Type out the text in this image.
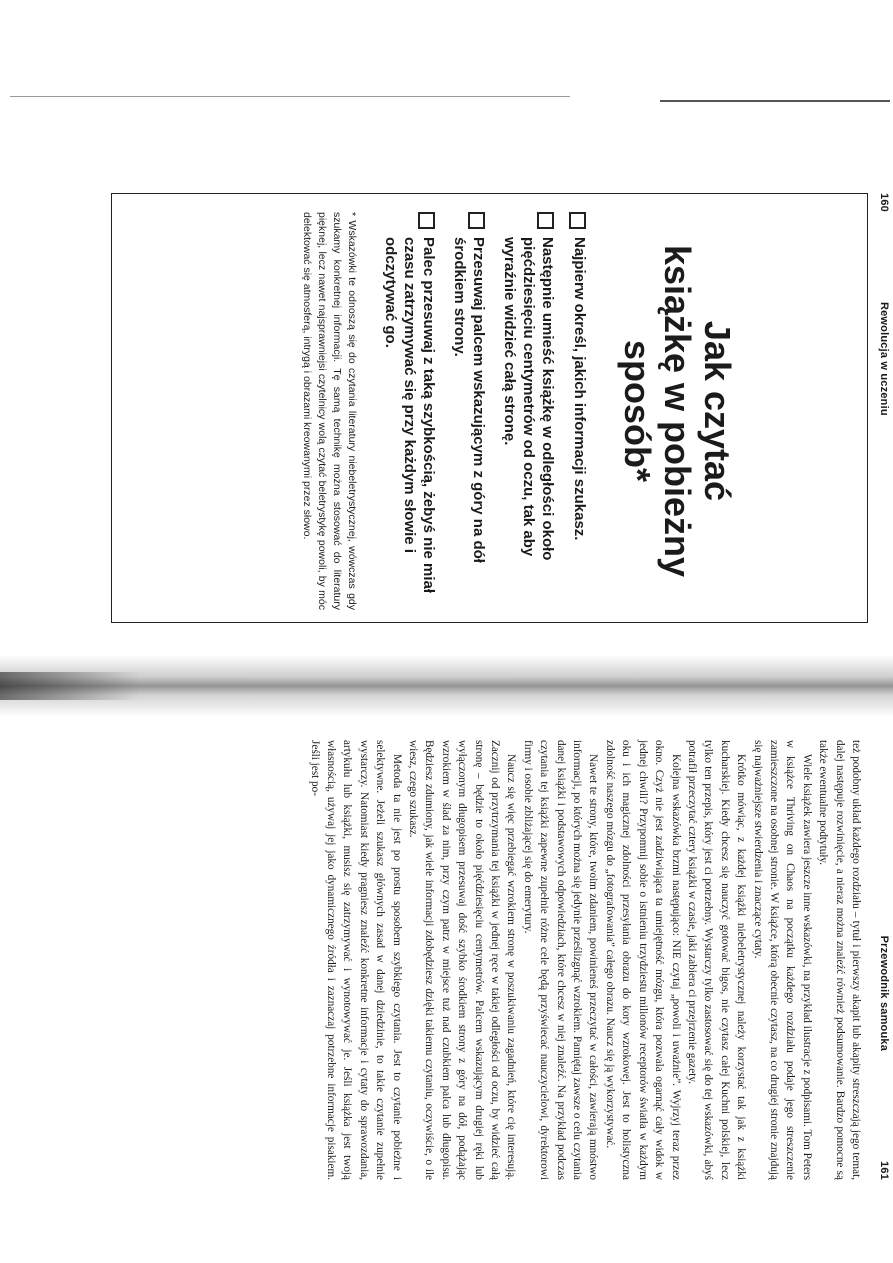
160
Rewolucja w uczeniu
Jak czytać
książkę w pobieżny
sposób*
Najpierw określ, jakich informacji szukasz.
Następnie umieść książkę w odległości około pięćdziesięciu centymetrów od oczu, tak aby wyraźnie widzieć całą stronę.
Przesuwaj palcem wskazującym z góry na dół środkiem strony.
Palec przesuwaj z taką szybkością, żebyś nie miał czasu zatrzymywać się przy każdym słowie i odczytywać go.
* Wskazówki te odnoszą się do czytania literatury niebeletrystycznej, wówczas gdy szukamy konkretnej informacji. Tę samą technikę można stosować do literatury pięknej, lecz nawet najsprawniejsi czytelnicy wolą czytać beletrystykę powoli, by móc delektować się atmosferą, intrygą i obrazami kreowanymi przez słowo.
Przewodnik samouka
161

też podobny układ każdego rozdziału – tytuł i pierwszy akapit lub akapity streszczają jego temat, dalej następuje rozwinięcie, a nieraz można znaleźć również podsumowanie. Bardzo pomocne są także ewentualne podtytuły.

Wiele książek zawiera jeszcze inne wskazówki, na przykład ilustracje z podpisami. Tom Peters w książce Thriving on Chaos na początku każdego rozdziału podaje jego streszczenie zamieszczone na osobnej stronie. W książce, którą obecnie czytasz, na co drugiej stronie znajdują się najważniejsze stwierdzenia i znaczące cytaty.

Krótko mówiąc, z każdej książki niebeletrystycznej należy korzystać tak jak z książki kucharskiej. Kiedy chcesz się nauczyć gotować bigos, nie czytasz całej Kuchni polskiej, lecz tylko ten przepis, który jest ci potrzebny. Wystarczy tylko zastosować się do tej wskazówki, abyś potrafił przeczytać cztery książki w czasie, jaki zabiera ci przejrzenie gazety.

Kolejna wskazówka brzmi następująco: NIE czytaj „powoli i uważnie”. Wyjrzyj teraz przez okno. Czyż nie jest zadziwiająca ta umiejętność mózgu, która pozwala ogarnąć cały widok w jednej chwili? Przypomnij sobie o istnieniu trzydziestu milionów receptorów światła w każdym oku i ich magicznej zdolności przesyłania obrazu do kory wzrokowej. Jest to holistyczna zdolność naszego mózgu do „fotografowania” całego obrazu. Naucz się ją wykorzystywać.

Nawet te strony, które, twoim zdaniem, powinieneś przeczytać w całości, zawierają mnóstwo informacji, po których można się jedynie prześlizgnąć wzrokiem. Pamiętaj zawsze o celu czytania danej książki i podstawowych odpowiedziach, które chcesz w niej znaleźć. Na przykład podczas czytania tej książki zapewne zupełnie różne cele będą przyświecać nauczycielowi, dyrektorowi firmy i osobie zbliżającej się do emerytury.

Naucz się więc przebiegać wzrokiem stronę w poszukiwaniu zagadnień, które cię interesują. Zacznij od przytrzymania tej książki w jednej ręce w takiej odległości od oczu, by widzieć całą stronę – będzie to około pięćdziesięciu centymetrów. Palcem wskazującym drugiej ręki lub wyłączonym długopisem przesuwaj dość szybko środkiem strony z góry na dół, podążając wzrokiem w ślad za nim, przy czym patrz w miejsce tuż nad czubkiem palca lub długopisu. Będziesz zdumiony, jak wiele informacji zdobędziesz dzięki takiemu czytaniu, oczywiście, o ile wiesz, czego szukasz.

Metoda ta nie jest po prostu sposobem szybkiego czytania. Jest to czytanie pobieżne i selektywne. Jeżeli szukasz głównych zasad w danej dziedzinie, to takie czytanie zupełnie wystarczy. Natomiast kiedy pragniesz znaleźć konkretne informacje i cytaty do sprawozdania, artykułu lub książki, musisz się zatrzymywać i wynotowywać je. Jeśli książka jest twoją własnością, używaj jej jako dynamicznego źródła i zaznaczaj potrzebne informacje pisakiem. Jeśli jest po-
